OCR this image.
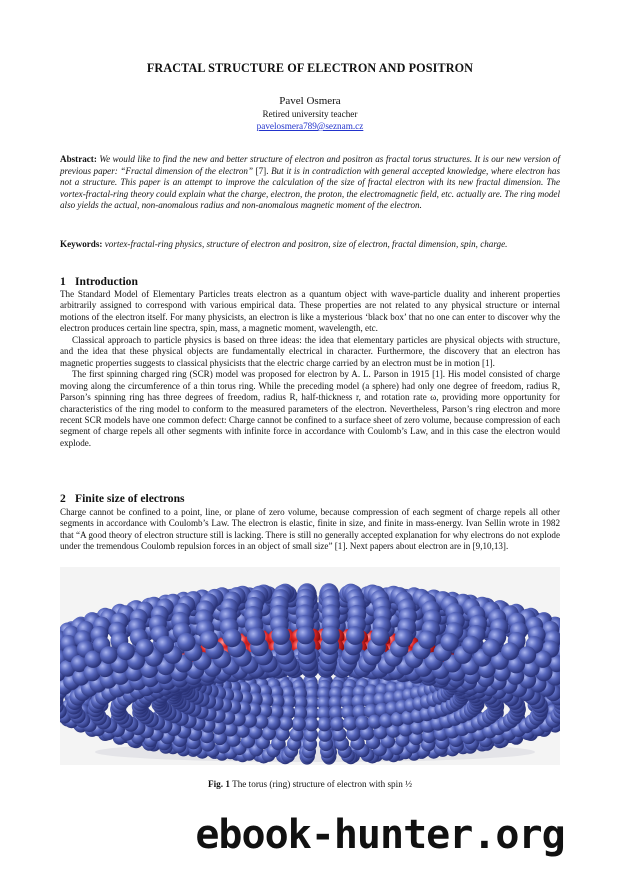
FRACTAL STRUCTURE OF ELECTRON AND POSITRON
Pavel Osmera
Retired university teacher
pavelosmera789@seznam.cz
Abstract: We would like to find the new and better structure of electron and positron as fractal torus structures. It is our new version of previous paper: “Fractal dimension of the electron” [7]. But it is in contradiction with general accepted knowledge, where electron has not a structure. This paper is an attempt to improve the calculation of the size of fractal electron with its new fractal dimension. The vortex-fractal-ring theory could explain what the charge, electron, the proton, the electromagnetic field, etc. actually are. The ring model also yields the actual, non-anomalous radius and non-anomalous magnetic moment of the electron.
Keywords: vortex-fractal-ring physics, structure of electron and positron, size of electron, fractal dimension, spin, charge.
1 Introduction

The Standard Model of Elementary Particles treats electron as a quantum object with wave-particle duality and inherent properties arbitrarily assigned to correspond with various empirical data. These properties are not related to any physical structure or internal motions of the electron itself. For many physicists, an electron is like a mysterious ‘black box’ that no one can enter to discover why the electron produces certain line spectra, spin, mass, a magnetic moment, wavelength, etc.

Classical approach to particle physics is based on three ideas: the idea that elementary particles are physical objects with structure, and the idea that these physical objects are fundamentally electrical in character. Furthermore, the discovery that an electron has magnetic properties suggests to classical physicists that the electric charge carried by an electron must be in motion [1].

The first spinning charged ring (SCR) model was proposed for electron by A. L. Parson in 1915 [1]. His model consisted of charge moving along the circumference of a thin torus ring. While the preceding model (a sphere) had only one degree of freedom, radius R, Parson’s spinning ring has three degrees of freedom, radius R, half-thickness r, and rotation rate ω, providing more opportunity for characteristics of the ring model to conform to the measured parameters of the electron. Nevertheless, Parson’s ring electron and more recent SCR models have one common defect: Charge cannot be confined to a surface sheet of zero volume, because compression of each segment of charge repels all other segments with infinite force in accordance with Coulomb’s Law, and in this case the electron would explode.

2 Finite size of electrons

Charge cannot be confined to a point, line, or plane of zero volume, because compression of each segment of charge repels all other segments in accordance with Coulomb’s Law. The electron is elastic, finite in size, and finite in mass-energy. Ivan Sellin wrote in 1982 that “A good theory of electron structure still is lacking. There is still no generally accepted explanation for why electrons do not explode under the tremendous Coulomb repulsion forces in an object of small size” [1]. Next papers about electron are in [9,10,13].

Fig. 1 The torus (ring) structure of electron with spin ½
ebook-hunter.org
